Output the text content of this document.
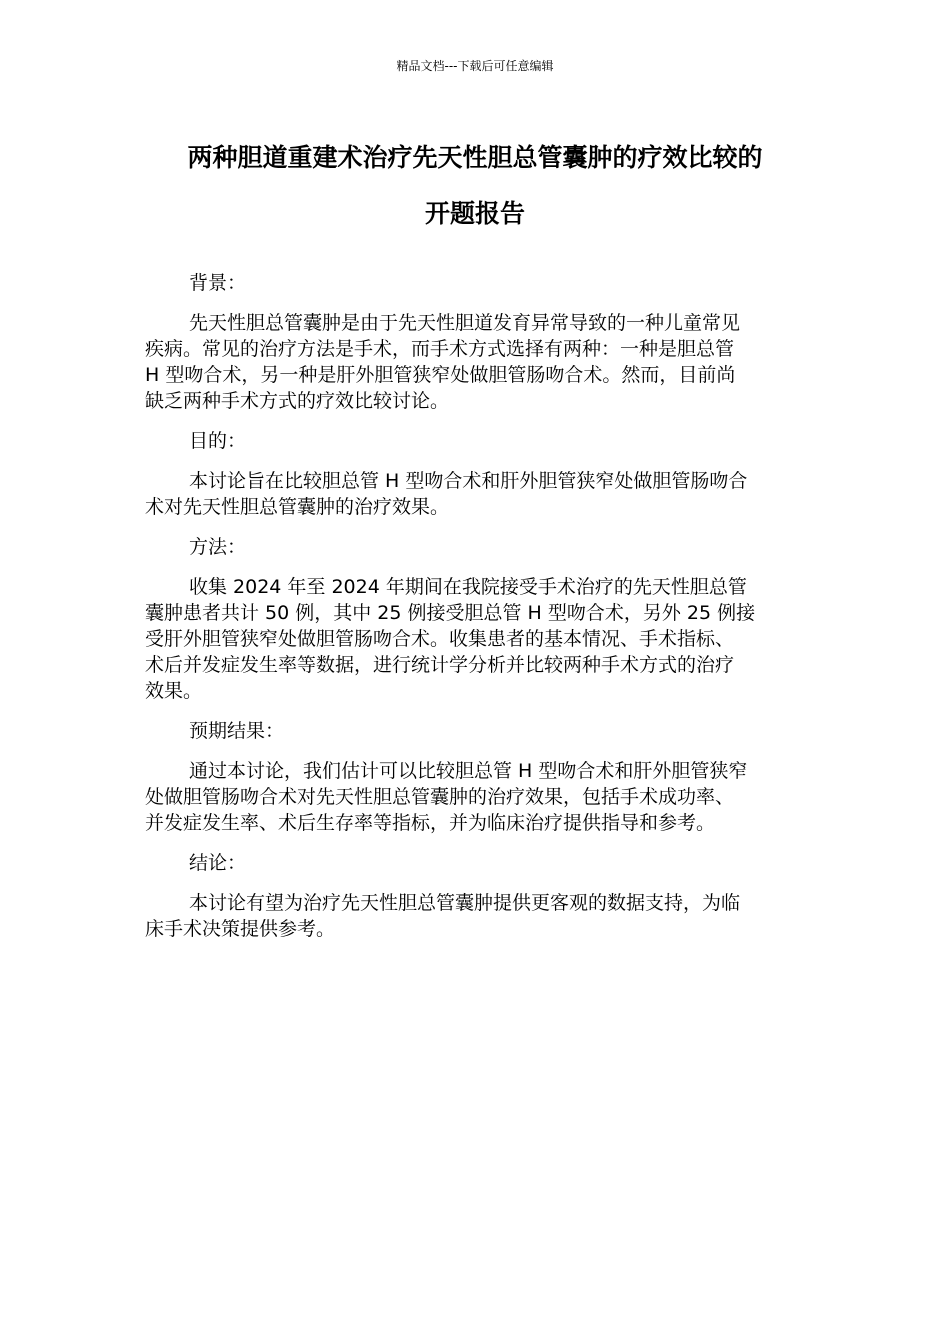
精品文档---下载后可任意编辑
两种胆道重建术治疗先天性胆总管囊肿的疗效比较的
开题报告

背景：

先天性胆总管囊肿是由于先天性胆道发育异常导致的一种儿童常见
疾病。常见的治疗方法是手术，而手术方式选择有两种：一种是胆总管
H 型吻合术，另一种是肝外胆管狭窄处做胆管肠吻合术。然而，目前尚
缺乏两种手术方式的疗效比较讨论。

目的：

本讨论旨在比较胆总管 H 型吻合术和肝外胆管狭窄处做胆管肠吻合
术对先天性胆总管囊肿的治疗效果。

方法：

收集 2024 年至 2024 年期间在我院接受手术治疗的先天性胆总管
囊肿患者共计 50 例，其中 25 例接受胆总管 H 型吻合术，另外 25 例接
受肝外胆管狭窄处做胆管肠吻合术。收集患者的基本情况、手术指标、
术后并发症发生率等数据，进行统计学分析并比较两种手术方式的治疗
效果。

预期结果：

通过本讨论，我们估计可以比较胆总管 H 型吻合术和肝外胆管狭窄
处做胆管肠吻合术对先天性胆总管囊肿的治疗效果，包括手术成功率、
并发症发生率、术后生存率等指标，并为临床治疗提供指导和参考。

结论：

本讨论有望为治疗先天性胆总管囊肿提供更客观的数据支持，为临
床手术决策提供参考。
